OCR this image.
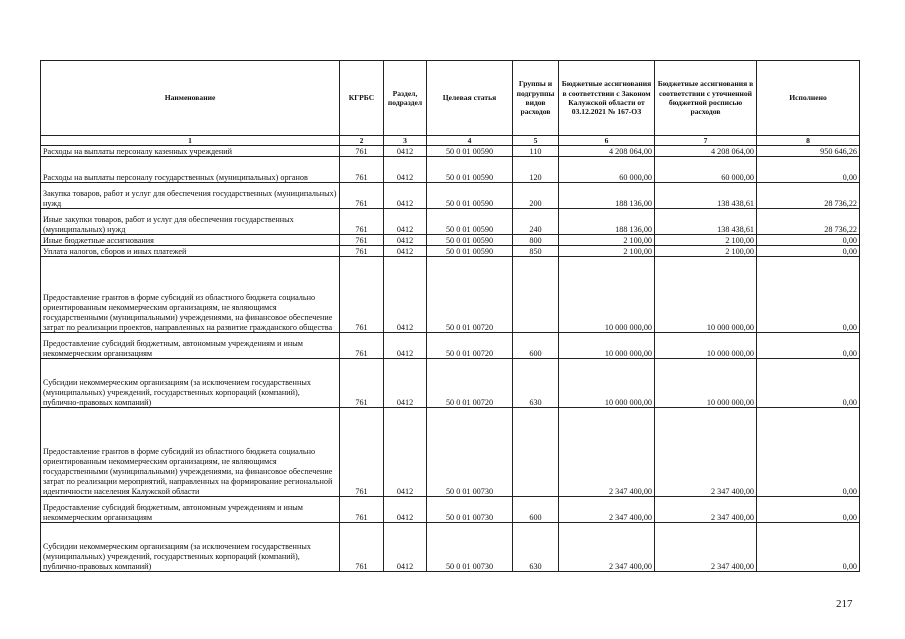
Наименование	КГРБС	Раздел, подраздел	Целевая статья	Группы и подгруппы видов расходов	Бюджетные ассигнования в соответствии с Законом Калужской области от 03.12.2021 № 167-ОЗ	Бюджетные ассигнования в соответствии с уточненной бюджетной росписью расходов	Исполнено
1	2	3	4	5	6	7	8
Расходы на выплаты персоналу казенных учреждений	761	0412	50 0 01 00590	110	4 208 064,00	4 208 064,00	950 646,26
Расходы на выплаты персоналу государственных (муниципальных) органов	761	0412	50 0 01 00590	120	60 000,00	60 000,00	0,00
Закупка товаров, работ и услуг для обеспечения государственных (муниципальных) нужд	761	0412	50 0 01 00590	200	188 136,00	138 438,61	28 736,22
Иные закупки товаров, работ и услуг для обеспечения государственных (муниципальных) нужд	761	0412	50 0 01 00590	240	188 136,00	138 438,61	28 736,22
Иные бюджетные ассигнования	761	0412	50 0 01 00590	800	2 100,00	2 100,00	0,00
Уплата налогов, сборов и иных платежей	761	0412	50 0 01 00590	850	2 100,00	2 100,00	0,00
Предоставление грантов в форме субсидий из областного бюджета социально ориентированным некоммерческим организациям, не являющимся государственными (муниципальными) учреждениями, на финансовое обеспечение затрат по реализации проектов, направленных на развитие гражданского общества	761	0412	50 0 01 00720		10 000 000,00	10 000 000,00	0,00
Предоставление субсидий бюджетным, автономным учреждениям и иным некоммерческим организациям	761	0412	50 0 01 00720	600	10 000 000,00	10 000 000,00	0,00
Субсидии некоммерческим организациям (за исключением государственных (муниципальных) учреждений, государственных корпораций (компаний), публично-правовых компаний)	761	0412	50 0 01 00720	630	10 000 000,00	10 000 000,00	0,00
Предоставление грантов в форме субсидий из областного бюджета социально ориентированным некоммерческим организациям, не являющимся государственными (муниципальными) учреждениями, на финансовое обеспечение затрат по реализации мероприятий, направленных на формирование региональной идентичности населения Калужской области	761	0412	50 0 01 00730		2 347 400,00	2 347 400,00	0,00
Предоставление субсидий бюджетным, автономным учреждениям и иным некоммерческим организациям	761	0412	50 0 01 00730	600	2 347 400,00	2 347 400,00	0,00
Субсидии некоммерческим организациям (за исключением государственных (муниципальных) учреждений, государственных корпораций (компаний), публично-правовых компаний)	761	0412	50 0 01 00730	630	2 347 400,00	2 347 400,00	0,00
217
